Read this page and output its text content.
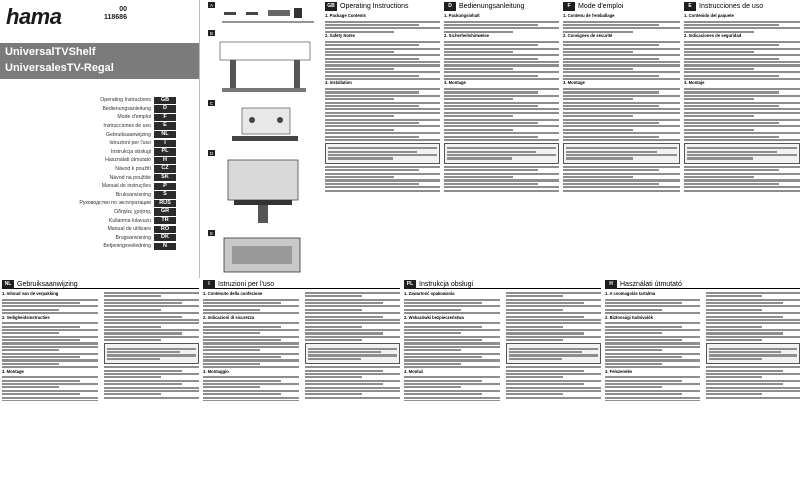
hama	00
118686
UniversalTVShelf
UniversalesTV-Regal
Operating Instructions	GB
Bedienungsanleitung	D
Mode d'emploi	F
Instrucciones de uso	E
Gebruiksaanwijzing	NL
Istruzioni per l'uso	I
Instrukcja obsługi	PL
Használati útmutató	H
Návod k použití	CZ
Návod na použitie	SK
Manual de instruções	P
Bruksanvisning	S
Руководство по эксплуатации	RUS
Οδηγίες χρήσης	GR
Kullanma kılavuzu	TR
Manual de utilizare	RO
Brugsanvisning	DK
Betjeningsveiledning	N
A
B
C
D
E
GB Operating Instructions
1. Package Contents
2. Safety Notes
3. Installation
D	Bedienungsanleitung
1. Packungsinhalt
2. Sicherheitshinweise
3. Montage
F	Mode d'emploi
1. Contenu de l'emballage
2. Consignes de sécurité
3. Montage
E	Instrucciones de uso
1. Contenido del paquete
2. Indicaciones de seguridad
3. Montaje
NL Gebruiksaanwijzing
1. Inhoud van de verpakking
2. Veiligheidsinstructies
3. Montage
I	Istruzioni per l'uso
1. Contenuto della confezione
2. Indicazioni di sicurezza
3. Montaggio
PL Instrukcja obsługi
1. Zawartość opakowania
2. Wskazówki bezpieczeństwa
3. Montaż
H	Használati útmutató
1. A csomagolás tartalma
2. Biztonsági tudnivalók
3. Felszerelés
